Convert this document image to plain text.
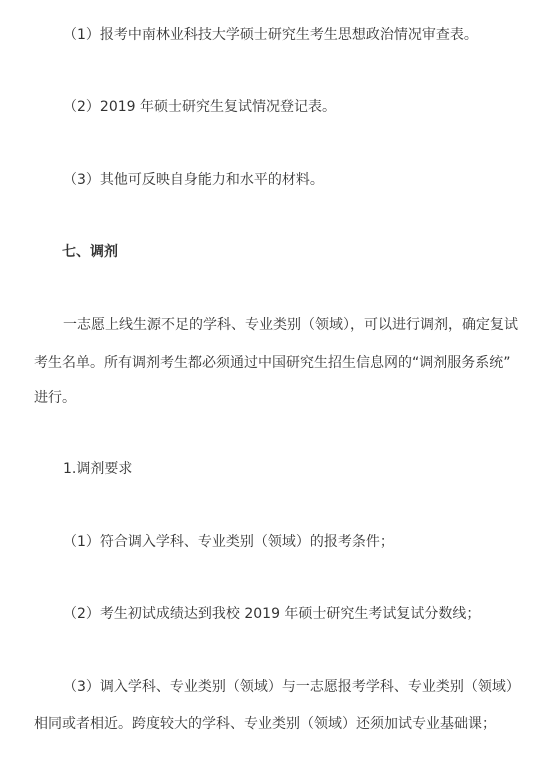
（1）报考中南林业科技大学硕士研究生考生思想政治情况审查表。
（2）2019 年硕士研究生复试情况登记表。
（3）其他可反映自身能力和水平的材料。
七、调剂
一志愿上线生源不足的学科、专业类别（领域），可以进行调剂，确定复试
考生名单。所有调剂考生都必须通过中国研究生招生信息网的“调剂服务系统”
进行。
1.调剂要求
（1）符合调入学科、专业类别（领域）的报考条件；
（2）考生初试成绩达到我校 2019 年硕士研究生考试复试分数线；
（3）调入学科、专业类别（领域）与一志愿报考学科、专业类别（领域）
相同或者相近。跨度较大的学科、专业类别（领域）还须加试专业基础课；
